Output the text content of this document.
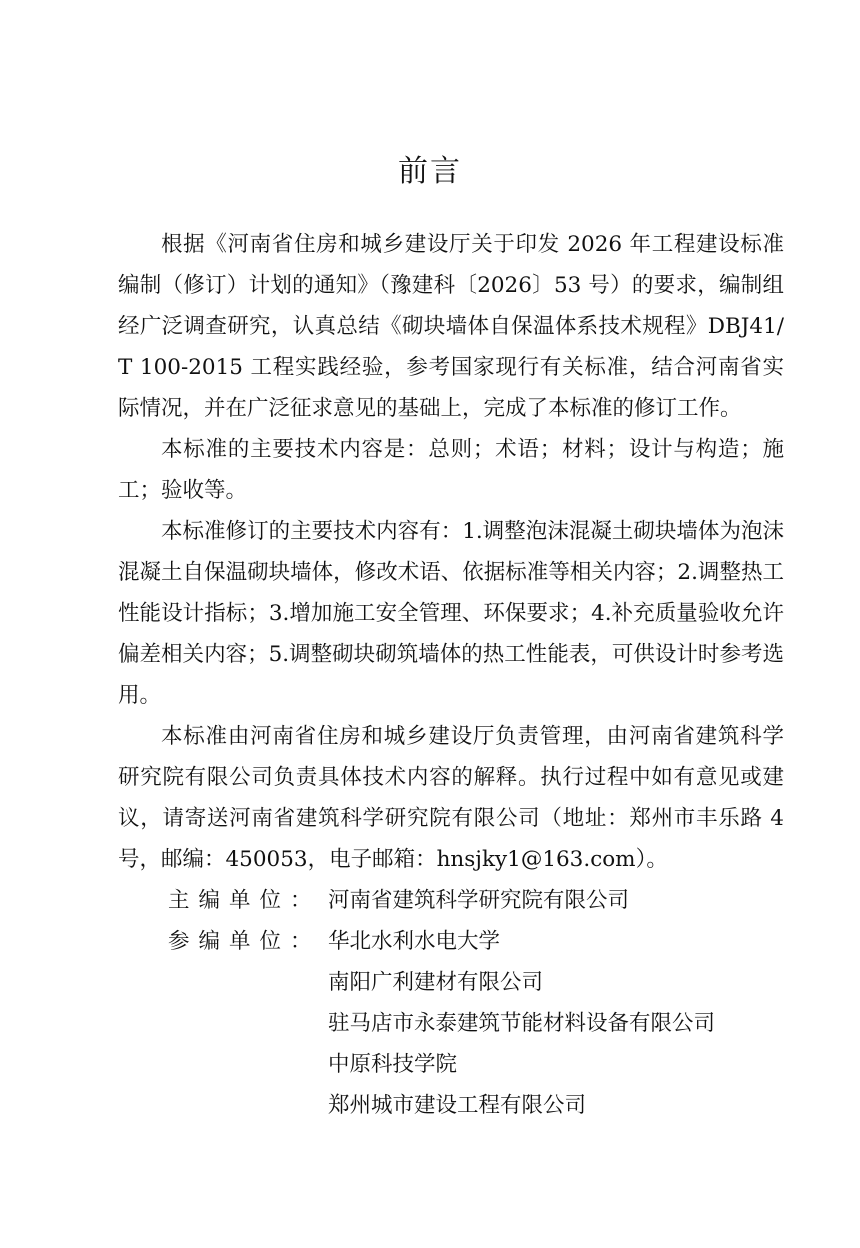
前言

根据《河南省住房和城乡建设厅关于印发 2026 年工程建设标准编制（修订）计划的通知》（豫建科〔2026〕53 号）的要求，编制组经广泛调查研究，认真总结《砌块墙体自保温体系技术规程》DBJ41/T 100-2015 工程实践经验，参考国家现行有关标准，结合河南省实际情况，并在广泛征求意见的基础上，完成了本标准的修订工作。

本标准的主要技术内容是：总则；术语；材料；设计与构造；施工；验收等。

本标准修订的主要技术内容有：1.调整泡沫混凝土砌块墙体为泡沫混凝土自保温砌块墙体，修改术语、依据标准等相关内容；2.调整热工性能设计指标；3.增加施工安全管理、环保要求；4.补充质量验收允许偏差相关内容；5.调整砌块砌筑墙体的热工性能表，可供设计时参考选用。

本标准由河南省住房和城乡建设厅负责管理，由河南省建筑科学研究院有限公司负责具体技术内容的解释。执行过程中如有意见或建议，请寄送河南省建筑科学研究院有限公司（地址：郑州市丰乐路 4 号，邮编：450053，电子邮箱：hnsjky1@163.com）。

主编单位： 河南省建筑科学研究院有限公司
参编单位： 华北水利水电大学
南阳广利建材有限公司
驻马店市永泰建筑节能材料设备有限公司
中原科技学院
郑州城市建设工程有限公司
